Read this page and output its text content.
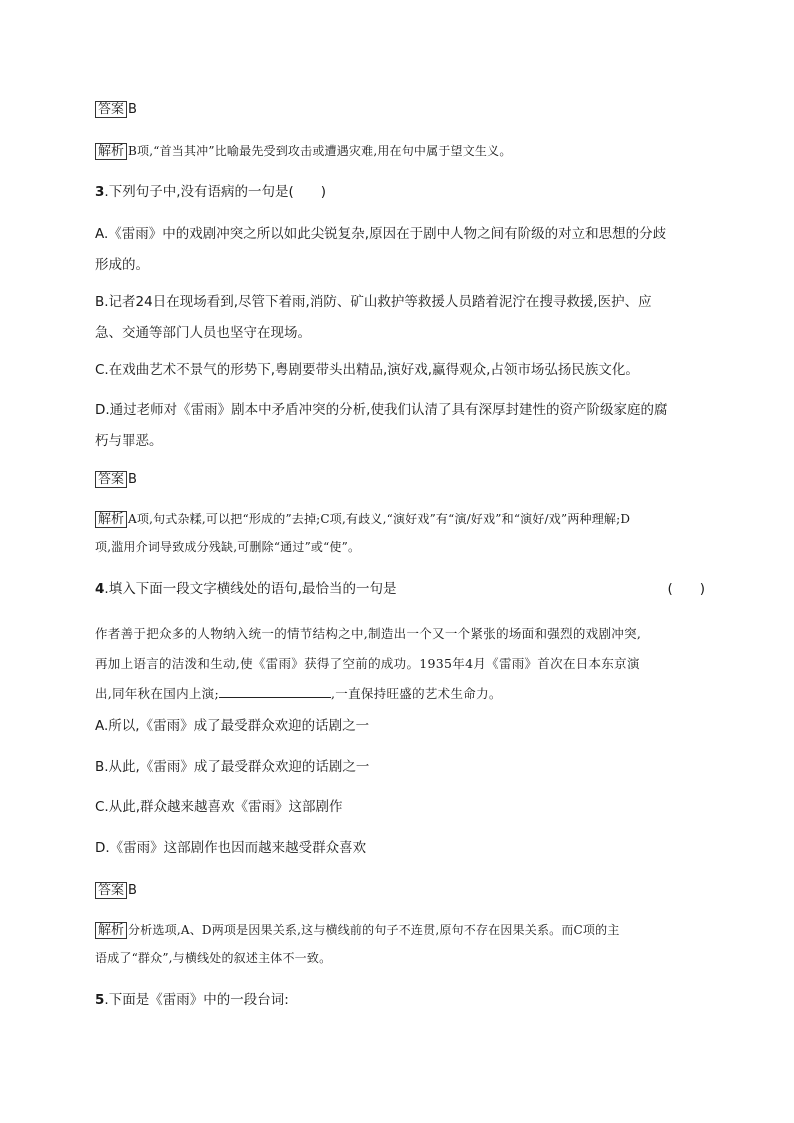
答案 B
解析 B项,“首当其冲”比喻最先受到攻击或遭遇灾难,用在句中属于望文生义。
3.下列句子中,没有语病的一句是(　　)

A.《雷雨》中的戏剧冲突之所以如此尖锐复杂,原因在于剧中人物之间有阶级的对立和思想的分歧

形成的。

B.记者24日在现场看到,尽管下着雨,消防、矿山救护等救援人员踏着泥泞在搜寻救援,医护、应

急、交通等部门人员也坚守在现场。

C.在戏曲艺术不景气的形势下,粤剧要带头出精品,演好戏,赢得观众,占领市场弘扬民族文化。

D.通过老师对《雷雨》剧本中矛盾冲突的分析,使我们认清了具有深厚封建性的资产阶级家庭的腐

朽与罪恶。

答案 B

解析 A项,句式杂糅,可以把“形成的”去掉;C项,有歧义,“演好戏”有“演/好戏”和“演好/戏”两种理解;D

项,滥用介词导致成分残缺,可删除“通过”或“使”。

4.填入下面一段文字横线处的语句,最恰当的一句是	(　　)

作者善于把众多的人物纳入统一的情节结构之中,制造出一个又一个紧张的场面和强烈的戏剧冲突,

再加上语言的洁泼和生动,使《雷雨》获得了空前的成功。1935年4月《雷雨》首次在日本东京演

出,同年秋在国内上演;	,一直保持旺盛的艺术生命力。

A.所以,《雷雨》成了最受群众欢迎的话剧之一

B.从此,《雷雨》成了最受群众欢迎的话剧之一

C.从此,群众越来越喜欢《雷雨》这部剧作

D.《雷雨》这部剧作也因而越来越受群众喜欢

答案 B

解析 分析选项,A、D两项是因果关系,这与横线前的句子不连贯,原句不存在因果关系。而C项的主

语成了“群众”,与横线处的叙述主体不一致。

5.下面是《雷雨》中的一段台词:
